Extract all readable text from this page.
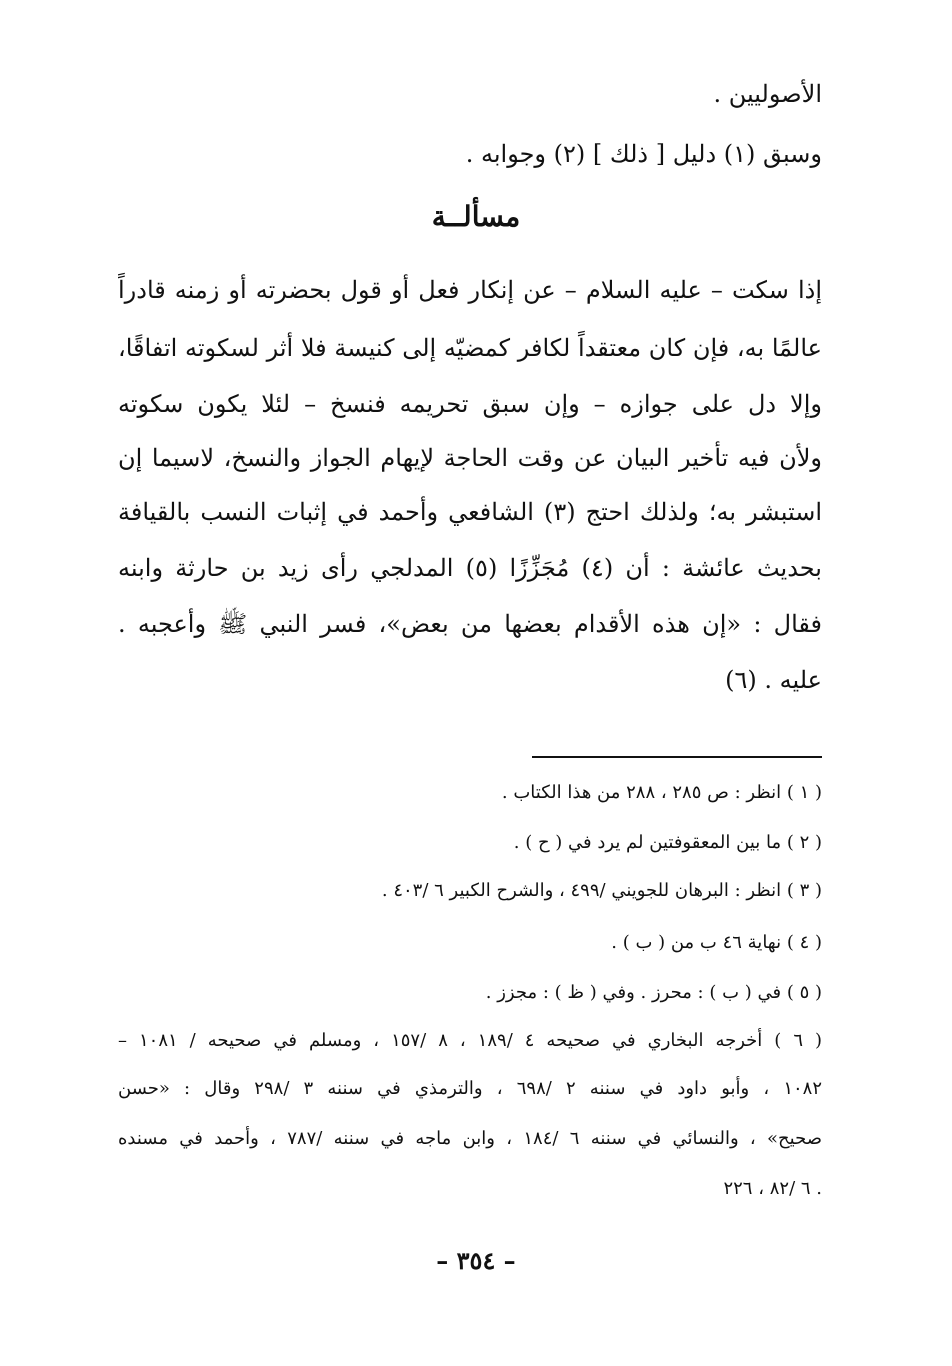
الأصوليين .
وسبق (١) دليل [ ذلك ] (٢) وجوابه .
مسألــة
إذا سكت – عليه السلام – عن إنكار فعل أو قول بحضرته أو زمنه قادراً
عالمًا به، فإن كان معتقداً لكافر كمضيّه إلى كنيسة فلا أثر لسكوته اتفاقًا،
وإلا دل على جوازه – وإن سبق تحريمه فنسخ – لئلا يكون سكوته
ولأن فيه تأخير البيان عن وقت الحاجة لإيهام الجواز والنسخ، لاسيما إن
استبشر به؛ ولذلك احتج (٣) الشافعي وأحمد في إثبات النسب بالقيافة
بحديث عائشة : أن (٤) مُجَزِّزًا (٥) المدلجي رأى زيد بن حارثة وابنه
فقال : «إن هذه الأقدام بعضها من بعض»، فسر النبي ﷺ وأعجبه .
عليه . (٦)
( ١ ) انظر : ص ٢٨٥ ، ٢٨٨ من هذا الكتاب .
( ٢ ) ما بين المعقوفتين لم يرد في ( ح ) .
( ٣ ) انظر : البرهان للجويني /٤٩٩ ، والشرح الكبير ٦ /٤٠٣ .
( ٤ ) نهاية ٤٦ ب من ( ب ) .
( ٥ ) في ( ب ) : محرز . وفي ( ظ ) : مجزز .
( ٦ ) أخرجه البخاري في صحيحه ٤ /١٨٩ ، ٨ /١٥٧ ، ومسلم في صحيحه / ١٠٨١ –
١٠٨٢ ، وأبو داود في سننه ٢ /٦٩٨ ، والترمذي في سننه ٣ /٢٩٨ وقال : «حسن
صحيح» ، والنسائي في سننه ٦ /١٨٤ ، وابن ماجه في سننه /٧٨٧ ، وأحمد في مسنده
٦ /٨٢ ، ٢٢٦ .
– ٣٥٤ –
